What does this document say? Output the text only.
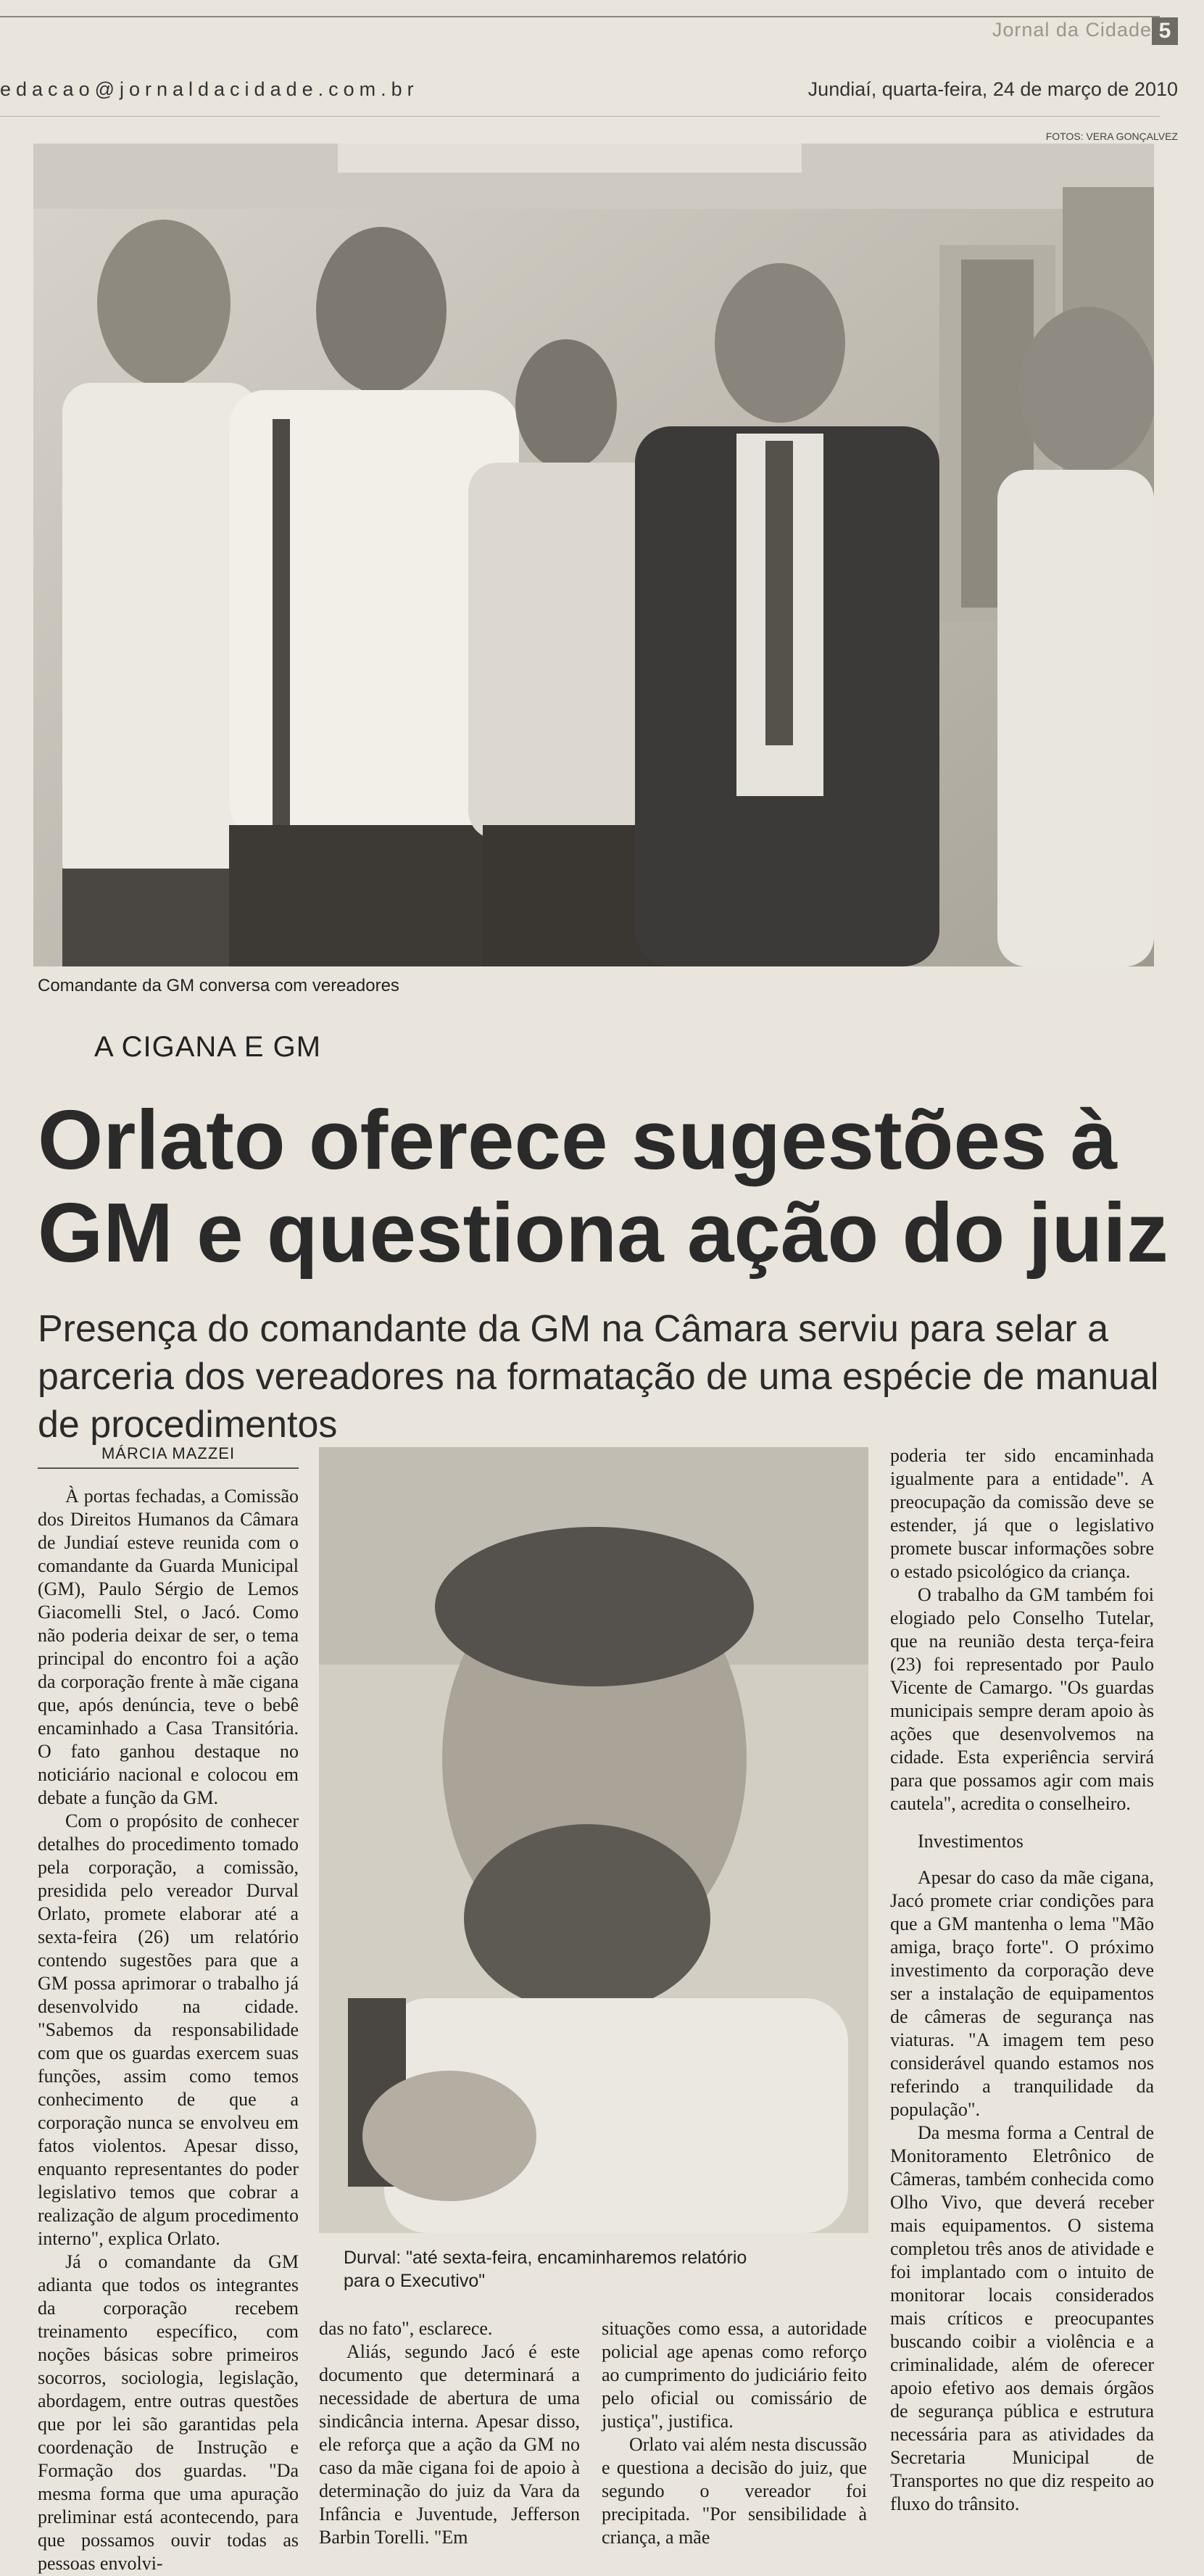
Jornal da Cidade 5
edacao@jornaldacidade.com.br	Jundiaí, quarta-feira, 24 de março de 2010
FOTOS: VERA GONÇALVEZ
Comandante da GM conversa com vereadores
A CIGANA E GM
Orlato oferece sugestões à GM e questiona ação do juiz
Presença do comandante da GM na Câmara serviu para selar a parceria dos vereadores na formatação de uma espécie de manual de procedimentos
MÁRCIA MAZZEI

À portas fechadas, a Comissão dos Direitos Humanos da Câmara de Jundiaí esteve reunida com o comandante da Guarda Municipal (GM), Paulo Sérgio de Lemos Giacomelli Stel, o Jacó. Como não poderia deixar de ser, o tema principal do encontro foi a ação da corporação frente à mãe cigana que, após denúncia, teve o bebê encaminhado a Casa Transitória. O fato ganhou destaque no noticiário nacional e colocou em debate a função da GM.

Com o propósito de conhecer detalhes do procedimento tomado pela corporação, a comissão, presidida pelo vereador Durval Orlato, promete elaborar até a sexta-feira (26) um relatório contendo sugestões para que a GM possa aprimorar o trabalho já desenvolvido na cidade. "Sabemos da responsabilidade com que os guardas exercem suas funções, assim como temos conhecimento de que a corporação nunca se envolveu em fatos violentos. Apesar disso, enquanto representantes do poder legislativo temos que cobrar a realização de algum procedimento interno", explica Orlato.

Já o comandante da GM adianta que todos os integrantes da corporação recebem treinamento específico, com noções básicas sobre primeiros socorros, sociologia, legislação, abordagem, entre outras questões que por lei são garantidas pela coordenação de Instrução e Formação dos guardas. "Da mesma forma que uma apuração preliminar está acontecendo, para que possamos ouvir todas as pessoas envolvi-

Durval: "até sexta-feira, encaminharemos relatório para o Executivo"

das no fato", esclarece.

Aliás, segundo Jacó é este documento que determinará a necessidade de abertura de uma sindicância interna. Apesar disso, ele reforça que a ação da GM no caso da mãe cigana foi de apoio à determinação do juiz da Vara da Infância e Juventude, Jefferson Barbin Torelli. "Em

situações como essa, a autoridade policial age apenas como reforço ao cumprimento do judiciário feito pelo oficial ou comissário de justiça", justifica.

Orlato vai além nesta discussão e questiona a decisão do juiz, que segundo o vereador foi precipitada. "Por sensibilidade à criança, a mãe

poderia ter sido encaminhada igualmente para a entidade". A preocupação da comissão deve se estender, já que o legislativo promete buscar informações sobre o estado psicológico da criança.

O trabalho da GM também foi elogiado pelo Conselho Tutelar, que na reunião desta terça-feira (23) foi representado por Paulo Vicente de Camargo. "Os guardas municipais sempre deram apoio às ações que desenvolvemos na cidade. Esta experiência servirá para que possamos agir com mais cautela", acredita o conselheiro.

Investimentos

Apesar do caso da mãe cigana, Jacó promete criar condições para que a GM mantenha o lema "Mão amiga, braço forte". O próximo investimento da corporação deve ser a instalação de equipamentos de câmeras de segurança nas viaturas. "A imagem tem peso considerável quando estamos nos referindo a tranquilidade da população".

Da mesma forma a Central de Monitoramento Eletrônico de Câmeras, também conhecida como Olho Vivo, que deverá receber mais equipamentos. O sistema completou três anos de atividade e foi implantado com o intuito de monitorar locais considerados mais críticos e preocupantes buscando coibir a violência e a criminalidade, além de oferecer apoio efetivo aos demais órgãos de segurança pública e estrutura necessária para as atividades da Secretaria Municipal de Transportes no que diz respeito ao fluxo do trânsito.
